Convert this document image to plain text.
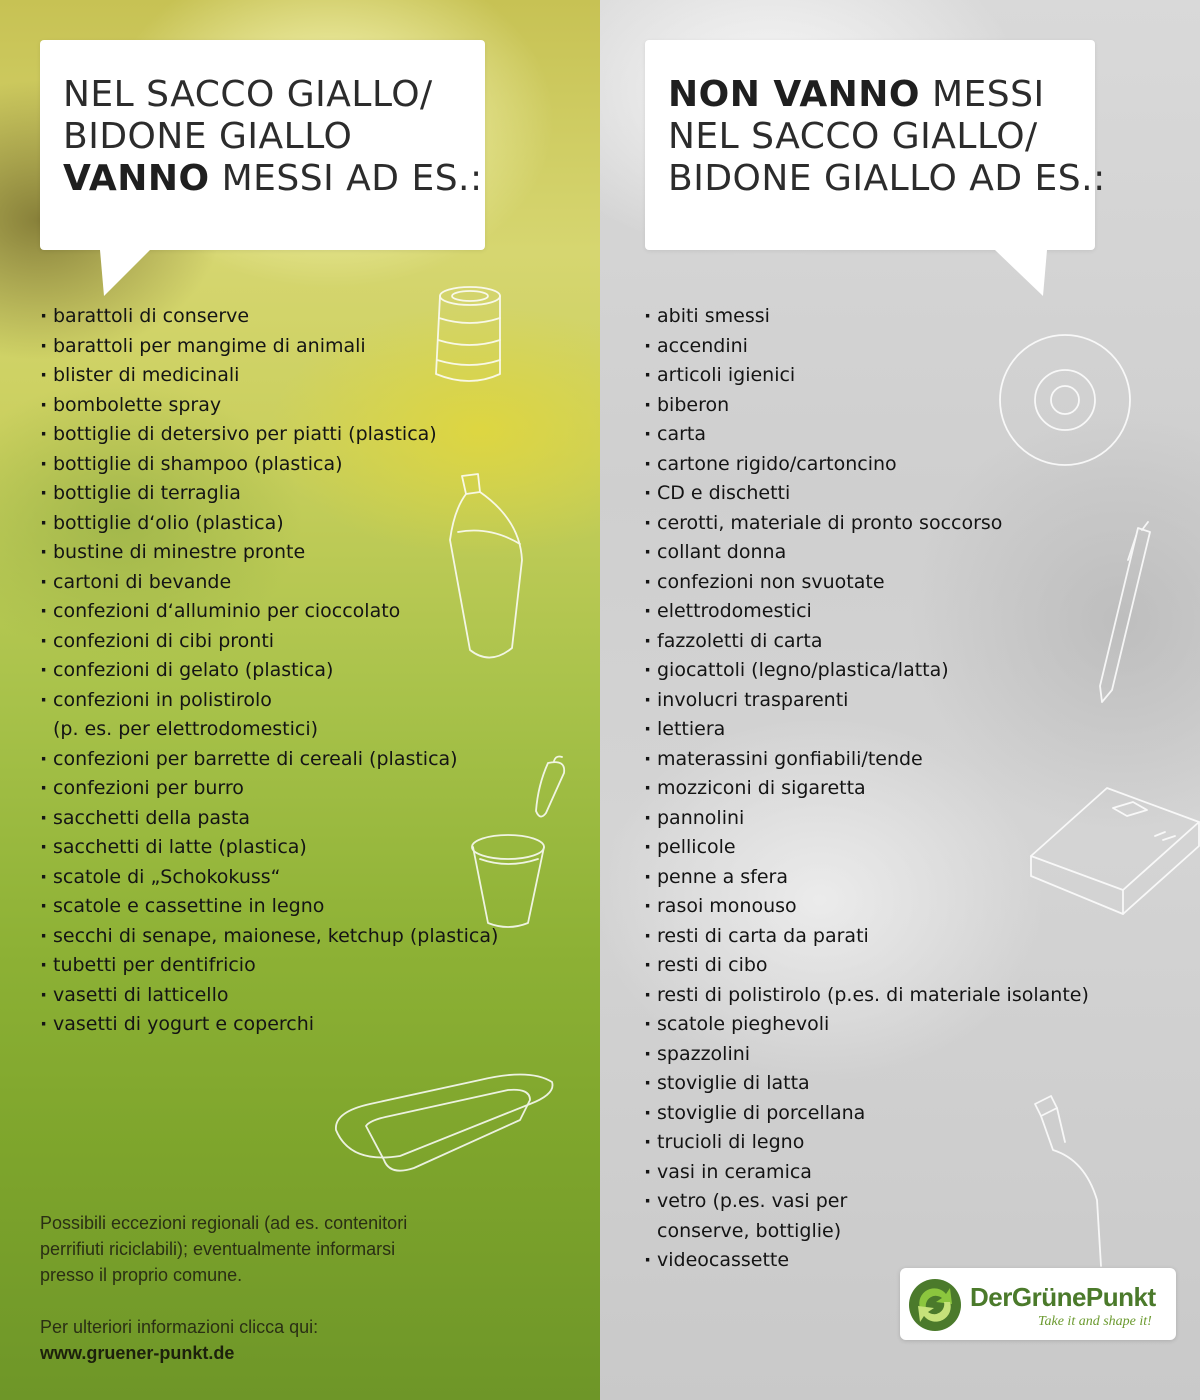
NEL SACCO GIALLO/
BIDONE GIALLO
VANNO MESSI AD ES.:
· barattoli di conserve
· barattoli per mangime di animali
· blister di medicinali
· bombolette spray
· bottiglie di detersivo per piatti (plastica)
· bottiglie di shampoo (plastica)
· bottiglie di terraglia
· bottiglie d‘olio (plastica)
· bustine di minestre pronte
· cartoni di bevande
· confezioni d‘alluminio per cioccolato
· confezioni di cibi pronti
· confezioni di gelato (plastica)
· confezioni in polistirolo
(p. es. per elettrodomestici)
· confezioni per barrette di cereali (plastica)
· confezioni per burro
· sacchetti della pasta
· sacchetti di latte (plastica)
· scatole di „Schokokuss“
· scatole e cassettine in legno
· secchi di senape, maionese, ketchup (plastica)
· tubetti per dentifricio
· vasetti di latticello
· vasetti di yogurt e coperchi

Possibili eccezioni regionali (ad es. contenitori
perrifiuti riciclabili); eventualmente informarsi
presso il proprio comune.

Per ulteriori informazioni clicca qui:
www.gruener-punkt.de
NON VANNO MESSI
NEL SACCO GIALLO/
BIDONE GIALLO AD ES.:
· abiti smessi
· accendini
· articoli igienici
· biberon
· carta
· cartone rigido/cartoncino
· CD e dischetti
· cerotti, materiale di pronto soccorso
· collant donna
· confezioni non svuotate
· elettrodomestici
· fazzoletti di carta
· giocattoli (legno/plastica/latta)
· involucri trasparenti
· lettiera
· materassini gonfiabili/tende
· mozziconi di sigaretta
· pannolini
· pellicole
· penne a sfera
· rasoi monouso
· resti di carta da parati
· resti di cibo
· resti di polistirolo (p.es. di materiale isolante)
· scatole pieghevoli
· spazzolini
· stoviglie di latta
· stoviglie di porcellana
· trucioli di legno
· vasi in ceramica
· vetro (p.es. vasi per
conserve, bottiglie)
· videocassette
DerGrünePunkt
Take it and shape it!
